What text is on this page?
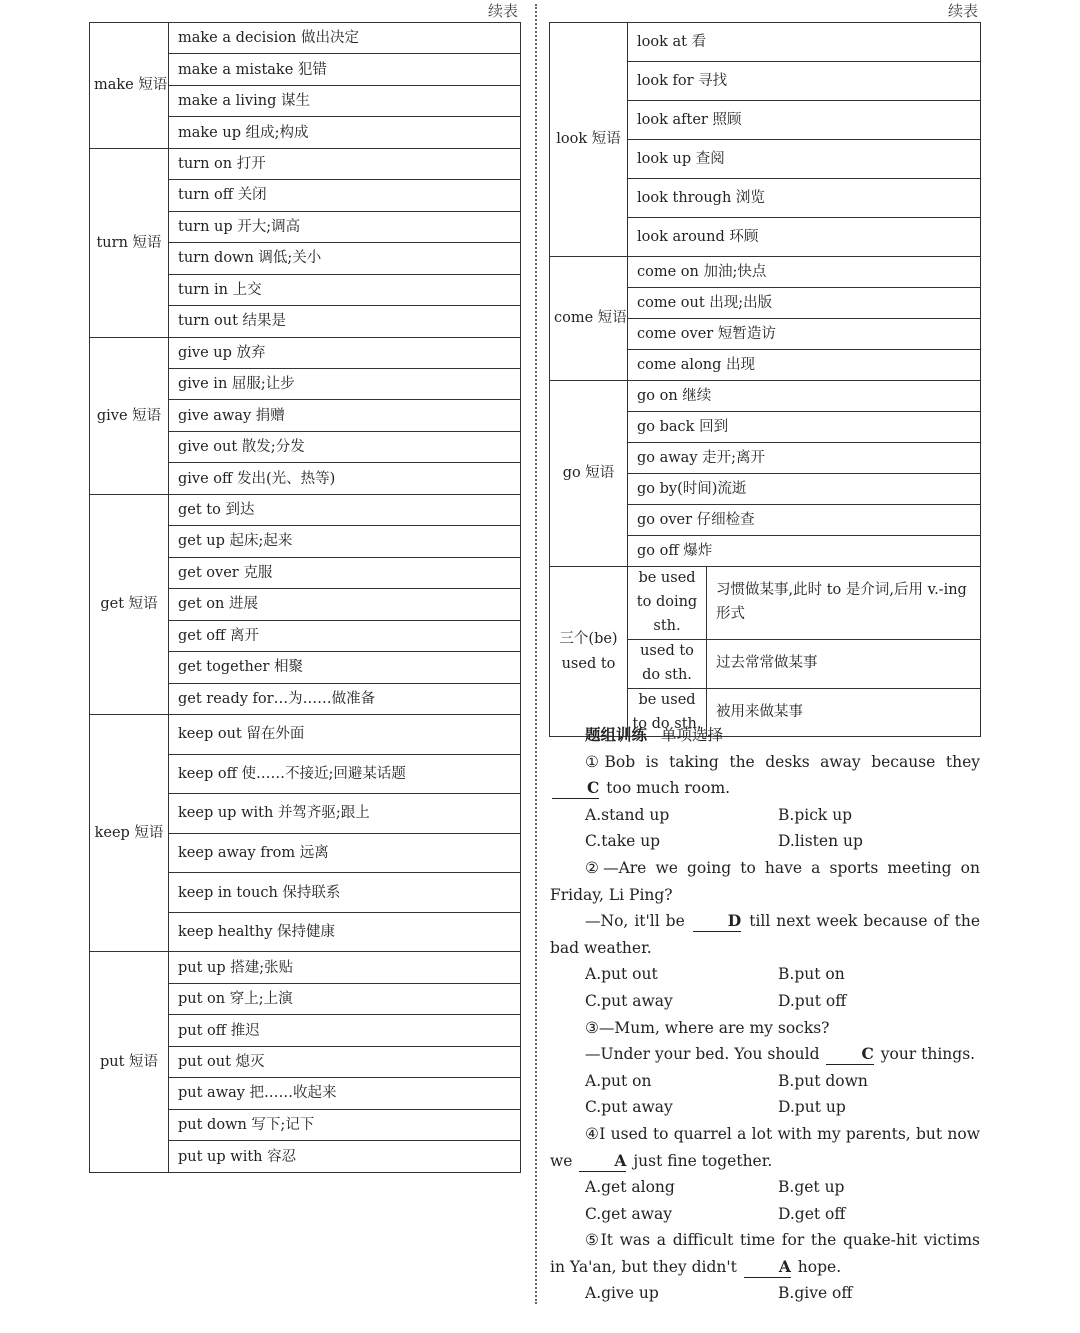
续表	续表
make 短语	make a decision 做出决定
	make a mistake 犯错
	make a living 谋生
	make up 组成;构成
turn 短语	turn on 打开
	turn off 关闭
	turn up 开大;调高
	turn down 调低;关小
	turn in 上交
	turn out 结果是
give 短语	give up 放弃
	give in 屈服;让步
	give away 捐赠
	give out 散发;分发
	give off 发出(光、热等)
get 短语	get to 到达
	get up 起床;起来
	get over 克服
	get on 进展
	get off 离开
	get together 相聚
	get ready for…为……做准备
keep 短语	keep out 留在外面
	keep off 使……不接近;回避某话题
	keep up with 并驾齐驱;跟上
	keep away from 远离
	keep in touch 保持联系
	keep healthy 保持健康
put 短语	put up 搭建;张贴
	put on 穿上;上演
	put off 推迟
	put out 熄灭
	put away 把……收起来
	put down 写下;记下
	put up with 容忍
look 短语	look at 看	
	look for 寻找	
	look after 照顾	
	look up 查阅	
	look through 浏览	
	look around 环顾	
come 短语	come on 加油;快点	
	come out 出现;出版	
	come over 短暂造访	
	come along 出现	
go 短语	go on 继续	
	go back 回到	
	go away 走开;离开	
	go by(时间)流逝	
	go over 仔细检查	
	go off 爆炸	
三个(be) used to	be used to doing sth.	习惯做某事,此时 to 是介词,后用 v.-ing 形式
	used to do sth.	过去常常做某事
	be used to do sth.	被用来做某事

题组训练 单项选择

①Bob is taking the desks away because they C too much room.

A.stand up	B.pick up
C.take up	D.listen up

②—Are we going to have a sports meeting on Friday, Li Ping?

—No, it'll be	D till next week because of the bad weather.

A.put out	B.put on
C.put away	D.put off

③—Mum, where are my socks?

—Under your bed. You should	C your things.

A.put on	B.put down
C.put away	D.put up

④I used to quarrel a lot with my parents, but now we	A just fine together.

A.get along	B.get up
C.get away	D.get off

⑤It was a difficult time for the quake-hit victims in Ya'an, but they didn't	A hope.

A.give up	B.give off
